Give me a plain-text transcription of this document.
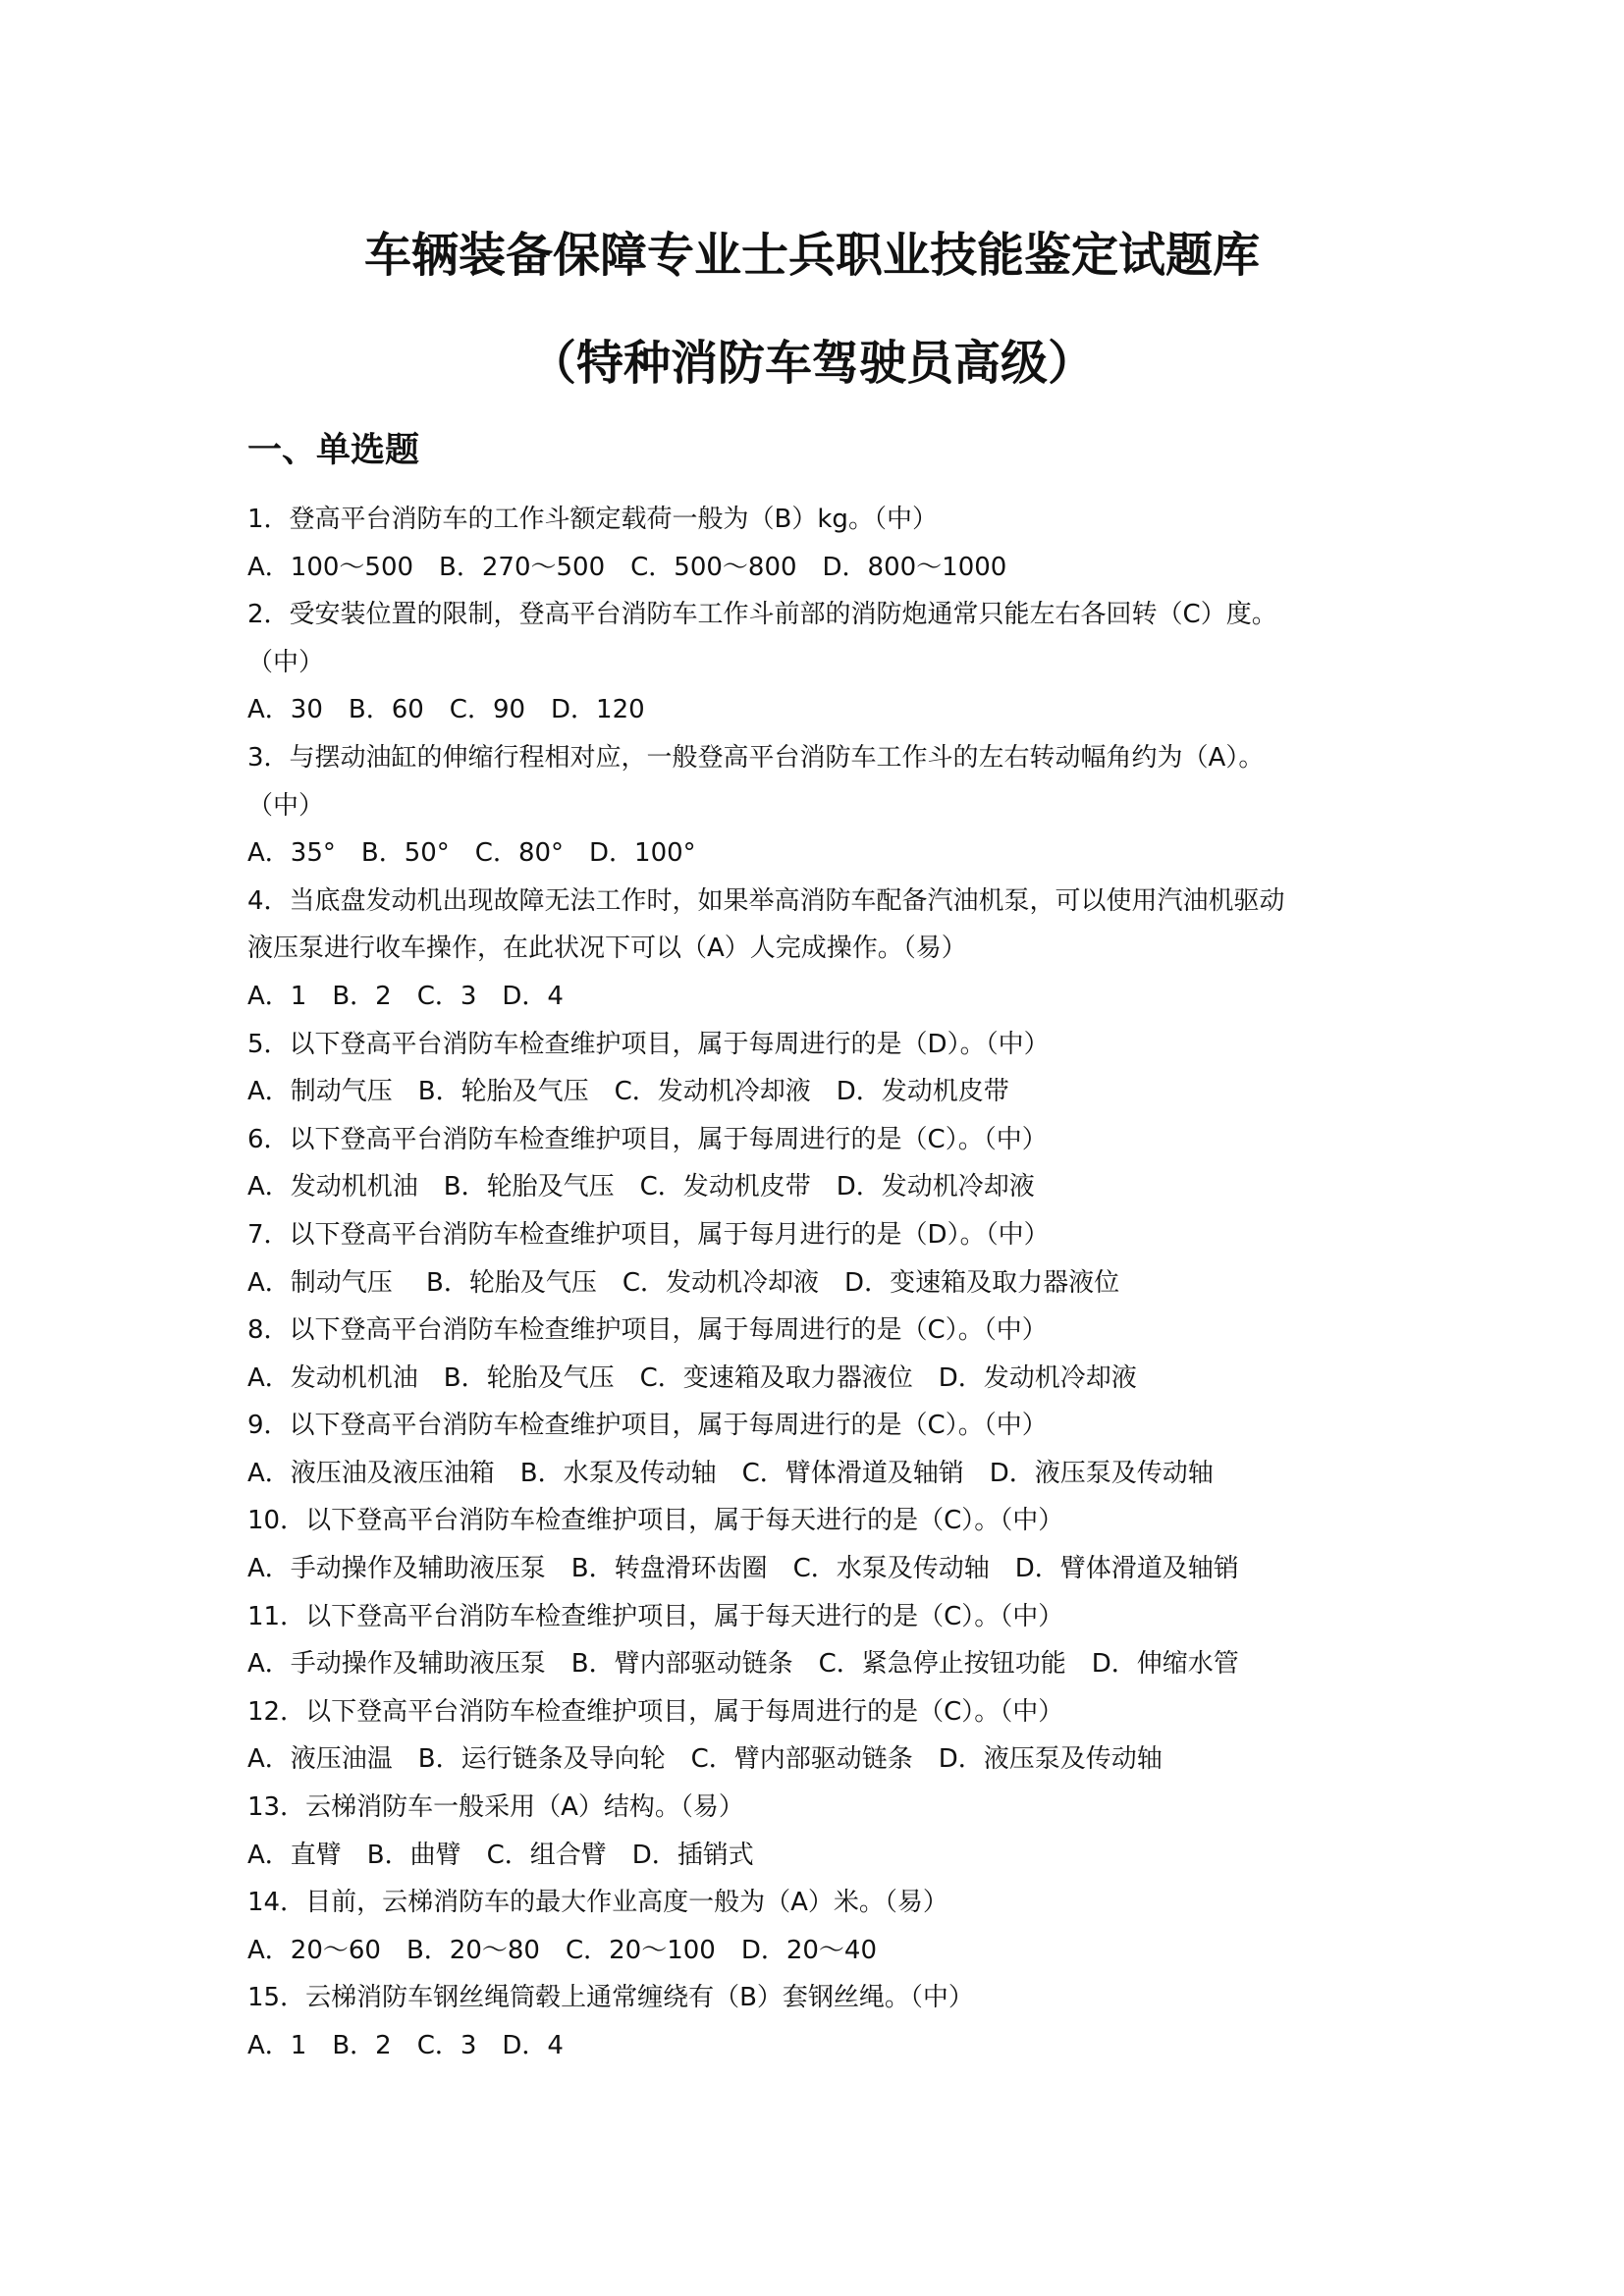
车辆装备保障专业士兵职业技能鉴定试题库
（特种消防车驾驶员高级）
一、单选题

1．登高平台消防车的工作斗额定载荷一般为（B）kg。（中）

A．100～500　B．270～500　C．500～800　D．800～1000

2．受安装位置的限制，登高平台消防车工作斗前部的消防炮通常只能左右各回转（C）度。

（中）

A．30　B．60　C．90　D．120

3．与摆动油缸的伸缩行程相对应，一般登高平台消防车工作斗的左右转动幅角约为（A）。

（中）

A．35°　B．50°　C．80°　D．100°

4．当底盘发动机出现故障无法工作时，如果举高消防车配备汽油机泵，可以使用汽油机驱动

液压泵进行收车操作，在此状况下可以（A）人完成操作。（易）

A．1　B．2　C．3　D．4

5．以下登高平台消防车检查维护项目，属于每周进行的是（D）。（中）

A．制动气压　B．轮胎及气压　C．发动机冷却液　D．发动机皮带

6．以下登高平台消防车检查维护项目，属于每周进行的是（C）。（中）

A．发动机机油　B．轮胎及气压　C．发动机皮带　D．发动机冷却液

7．以下登高平台消防车检查维护项目，属于每月进行的是（D）。（中）

A．制动气压　 B．轮胎及气压　C．发动机冷却液　D．变速箱及取力器液位

8．以下登高平台消防车检查维护项目，属于每周进行的是（C）。（中）

A．发动机机油　B．轮胎及气压　C．变速箱及取力器液位　D．发动机冷却液

9．以下登高平台消防车检查维护项目，属于每周进行的是（C）。（中）

A．液压油及液压油箱　B．水泵及传动轴　C．臂体滑道及轴销　D．液压泵及传动轴

10．以下登高平台消防车检查维护项目，属于每天进行的是（C）。（中）

A．手动操作及辅助液压泵　B．转盘滑环齿圈　C．水泵及传动轴　D．臂体滑道及轴销

11．以下登高平台消防车检查维护项目，属于每天进行的是（C）。（中）

A．手动操作及辅助液压泵　B．臂内部驱动链条　C．紧急停止按钮功能　D．伸缩水管

12．以下登高平台消防车检查维护项目，属于每周进行的是（C）。（中）

A．液压油温　B．运行链条及导向轮　C．臂内部驱动链条　D．液压泵及传动轴

13．云梯消防车一般采用（A）结构。（易）

A．直臂　B．曲臂　C．组合臂　D．插销式

14．目前，云梯消防车的最大作业高度一般为（A）米。（易）

A．20～60　B．20～80　C．20～100　D．20～40

15．云梯消防车钢丝绳筒毂上通常缠绕有（B）套钢丝绳。（中）

A．1　B．2　C．3　D．4
